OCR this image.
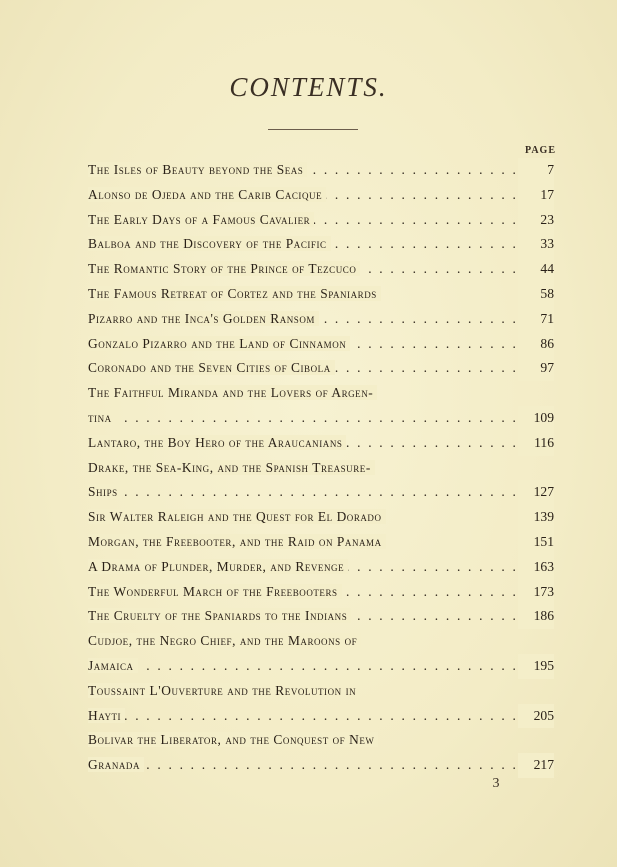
CONTENTS.
PAGE
. . . The Isles of Beauty beyond the Seas	7
. . . Alonso de Ojeda and the Carib Cacique	17
. . . The Early Days of a Famous Cavalier	23
. . . Balboa and the Discovery of the Pacific	33
. . . The Romantic Story of the Prince of Tezcuco	44
The Famous Retreat of Cortez and the Spaniards	58
. . . Pizarro and the Inca's Golden Ransom	71
. . . Gonzalo Pizarro and the Land of Cinnamon	86
. . . Coronado and the Seven Cities of Cibola	97
The Faithful Miranda and the Lovers of Argen-
. . . tina	109
. . . Lantaro, the Boy Hero of the Araucanians	116
Drake, the Sea-King, and the Spanish Treasure-
. . . Ships	127
Sir Walter Raleigh and the Quest for El Dorado	139
Morgan, the Freebooter, and the Raid on Panama	151
. . . A Drama of Plunder, Murder, and Revenge	163
. . . The Wonderful March of the Freebooters	173
. . . The Cruelty of the Spaniards to the Indians	186
Cudjoe, the Negro Chief, and the Maroons of
. . . Jamaica	195
Toussaint L'Ouverture and the Revolution in
. . . Hayti	205
Bolivar the Liberator, and the Conquest of New
. . . Granada	217
3
